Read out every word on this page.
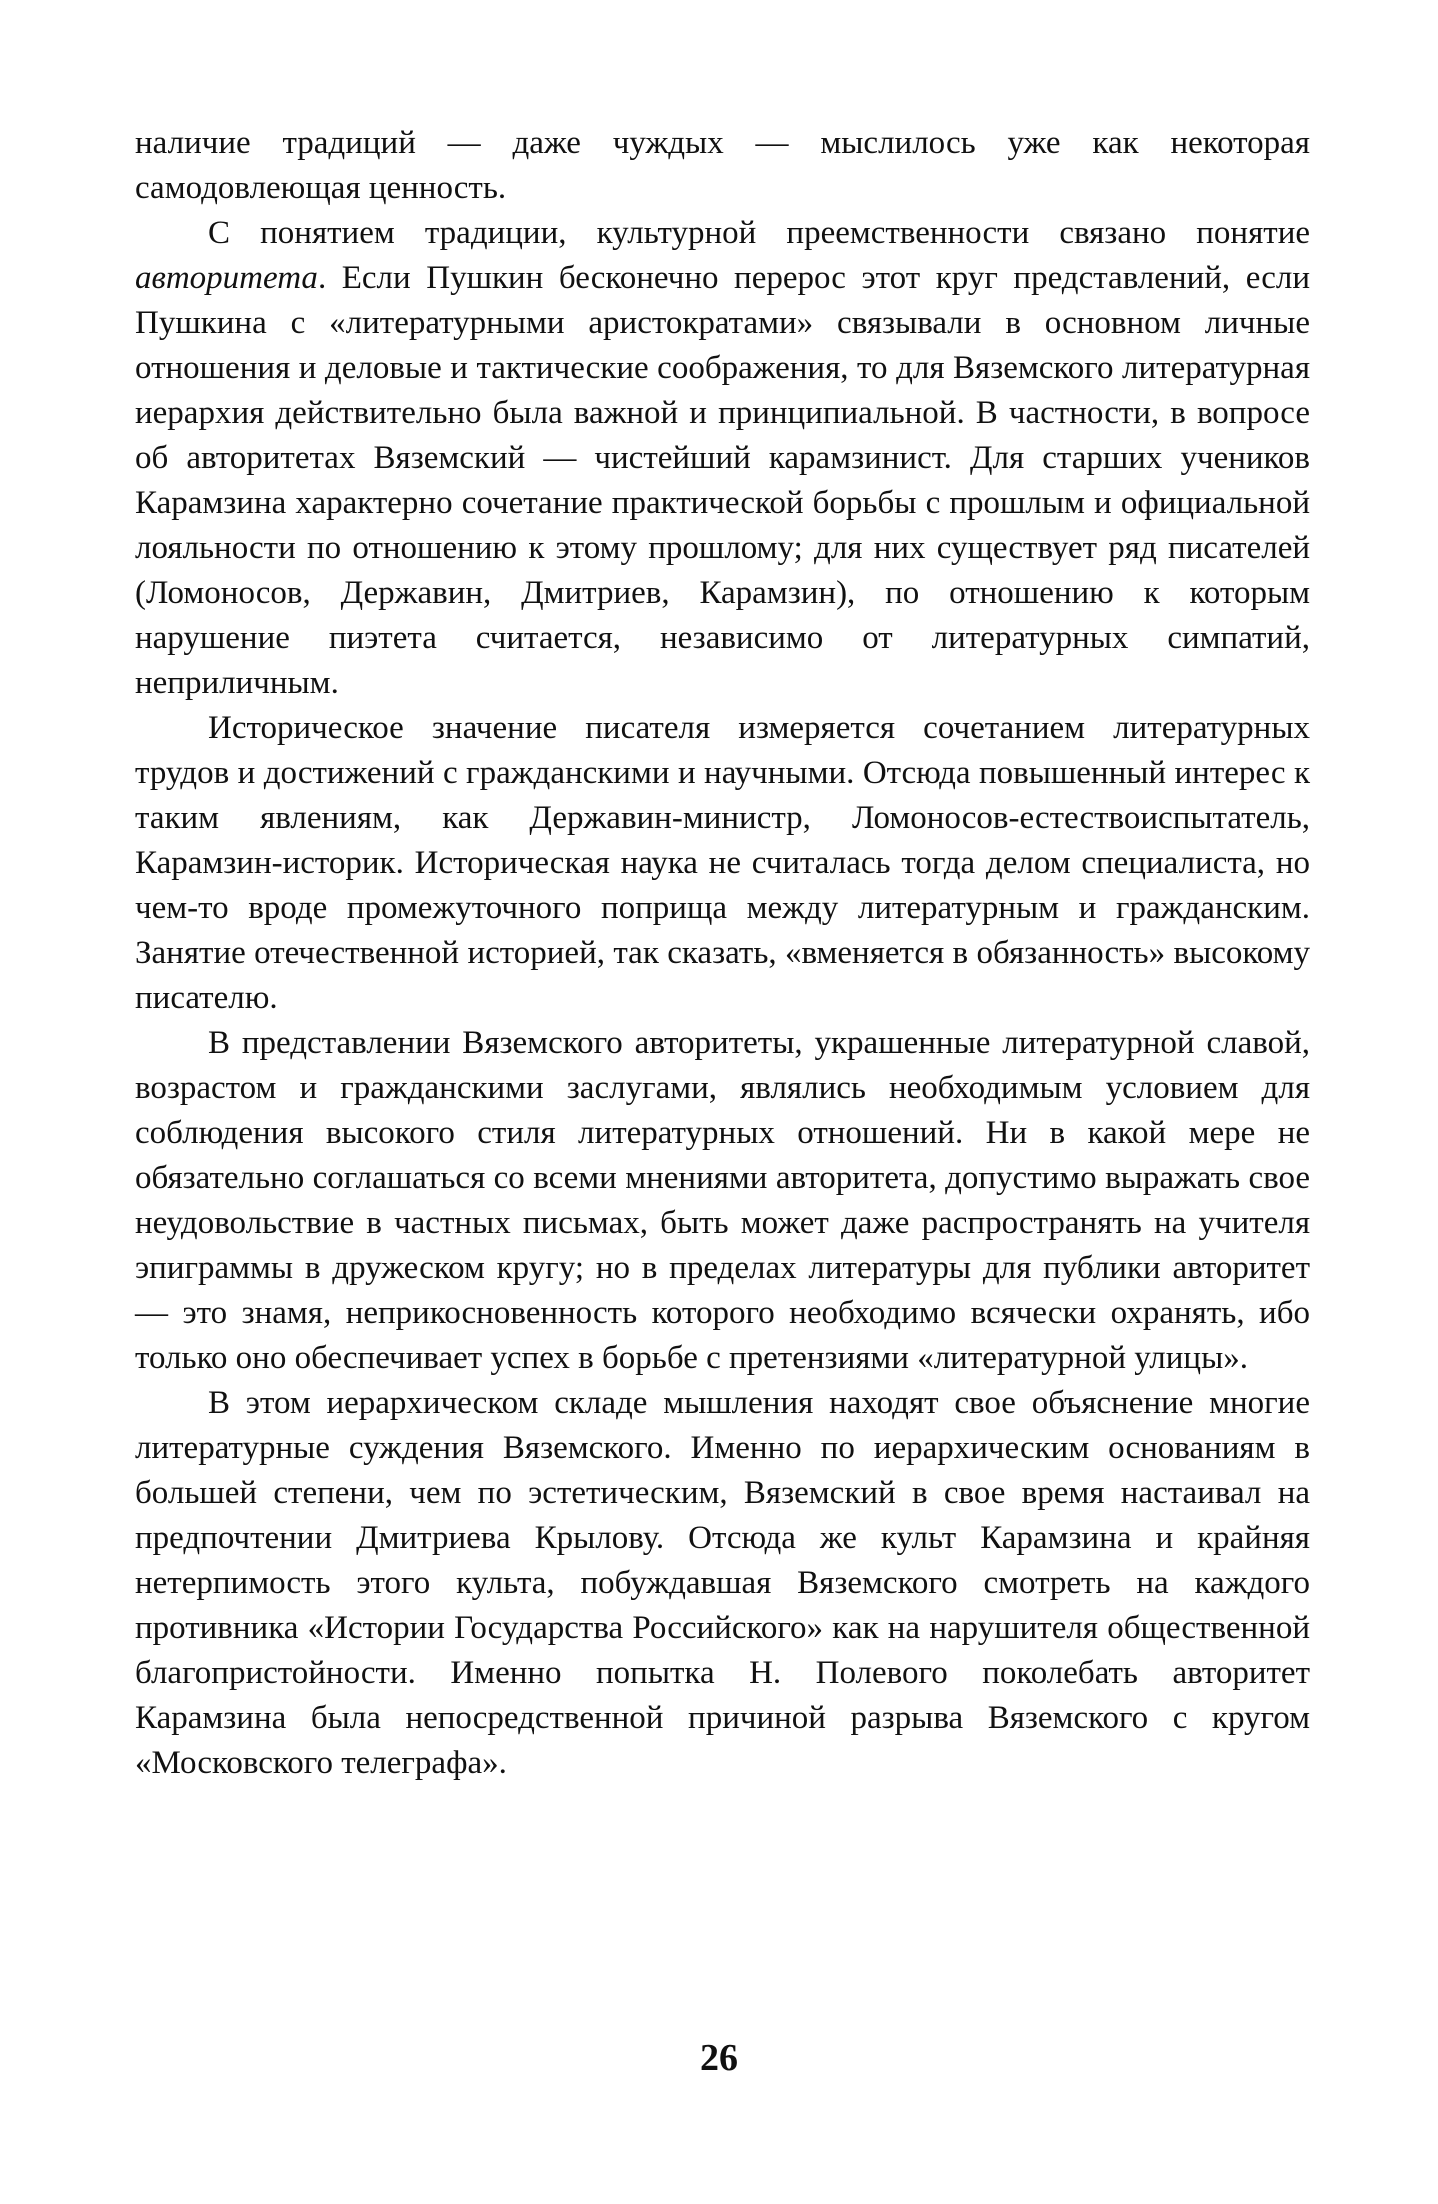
наличие традиций — даже чуждых — мыслилось уже как некоторая самодовлеющая ценность.

С понятием традиции, культурной преемственности связано понятие авторитета. Если Пушкин бесконечно перерос этот круг представлений, если Пушкина с «литературными аристократами» связывали в основном личные отношения и деловые и тактические соображения, то для Вяземского литературная иерархия действительно была важной и принципиальной. В частности, в вопросе об авторитетах Вяземский — чистейший карамзинист. Для старших учеников Карамзина характерно сочетание практической борьбы с прошлым и официальной лояльности по отношению к этому прошлому; для них существует ряд писателей (Ломоносов, Державин, Дмитриев, Карамзин), по отношению к которым нарушение пиэтета считается, независимо от литературных симпатий, неприличным.

Историческое значение писателя измеряется сочетанием литературных трудов и достижений с гражданскими и научными. Отсюда повышенный интерес к таким явлениям, как Державин-министр, Ломоносов-естествоиспытатель, Карамзин-историк. Историческая наука не считалась тогда делом специалиста, но чем-то вроде промежуточного поприща между литературным и гражданским. Занятие отечественной историей, так сказать, «вменяется в обязанность» высокому писателю.

В представлении Вяземского авторитеты, украшенные литературной славой, возрастом и гражданскими заслугами, являлись необходимым условием для соблюдения высокого стиля литературных отношений. Ни в какой мере не обязательно соглашаться со всеми мнениями авторитета, допустимо выражать свое неудовольствие в частных письмах, быть может даже распространять на учителя эпиграммы в дружеском кругу; но в пределах литературы для публики авторитет — это знамя, неприкосновенность которого необходимо всячески охранять, ибо только оно обеспечивает успех в борьбе с претензиями «литературной улицы».

В этом иерархическом складе мышления находят свое объяснение многие литературные суждения Вяземского. Именно по иерархическим основаниям в большей степени, чем по эстетическим, Вяземский в свое время настаивал на предпочтении Дмитриева Крылову. Отсюда же культ Карамзина и крайняя нетерпимость этого культа, побуждавшая Вяземского смотреть на каждого противника «Истории Государства Российского» как на нарушителя общественной благопристойности. Именно попытка Н. Полевого поколебать авторитет Карамзина была непосредственной причиной разрыва Вяземского с кругом «Московского телеграфа».

26
